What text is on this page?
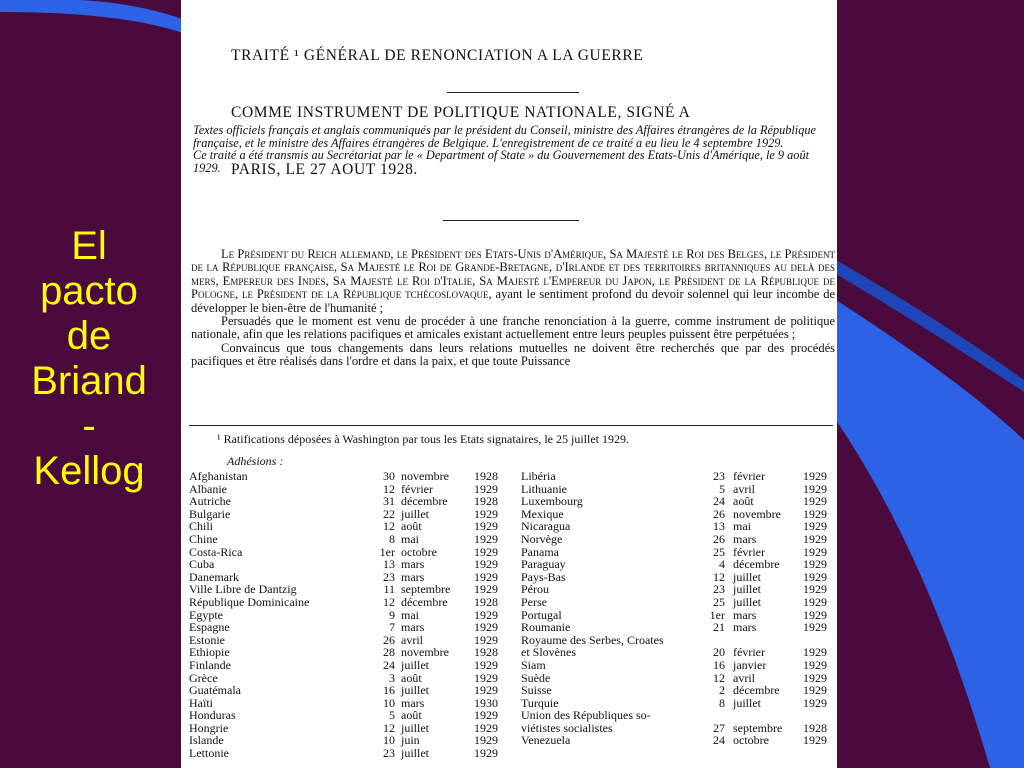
El
pacto
de
Briand
-
Kellog

TRAITÉ ¹ GÉNÉRAL DE RENONCIATION A LA GUERRE

COMME INSTRUMENT DE POLITIQUE NATIONALE, SIGNÉ A

PARIS, LE 27 AOUT 1928.

Textes officiels français et anglais communiqués par le président du Conseil, ministre des Affaires étrangères de la République française, et le ministre des Affaires étrangères de Belgique. L'enregistrement de ce traité a eu lieu le 4 septembre 1929.

Ce traité a été transmis au Secrétariat par le « Department of State » du Gouvernement des Etats-Unis d'Amérique, le 9 août 1929.

Le Président du Reich allemand, le Président des Etats-Unis d'Amérique, Sa Majesté le Roi des Belges, le Président de la République française, Sa Majesté le Roi de Grande-Bretagne, d'Irlande et des territoires britanniques au delà des mers, Empereur des Indes, Sa Majesté le Roi d'Italie, Sa Majesté l'Empereur du Japon, le Président de la République de Pologne, le Président de la République tchécoslovaque, ayant le sentiment profond du devoir solennel qui leur incombe de développer le bien-être de l'humanité ;

Persuadés que le moment est venu de procéder à une franche renonciation à la guerre, comme instrument de politique nationale, afin que les relations pacifiques et amicales existant actuellement entre leurs peuples puissent être perpétuées ;

Convaincus que tous changements dans leurs relations mutuelles ne doivent être recherchés que par des procédés pacifiques et être réalisés dans l'ordre et dans la paix, et que toute Puissance

¹ Ratifications déposées à Washington par tous les Etats signataires, le 25 juillet 1929.
Adhésions :
Afghanistan	30 novembre 1928
Albanie	12 février	1929
Autriche	31 décembre 1928
Bulgarie	22 juillet	1929
Chili	12 août	1929
Chine	8 mai	1929
Costa-Rica	1er octobre	1929
Cuba	13 mars	1929
Danemark	23 mars	1929
Ville Libre de Dantzig	11 septembre 1929
République Dominicaine	12 décembre 1928
Egypte	9 mai	1929
Espagne	7 mars	1929
Estonie	26 avril	1929
Ethiopie	28 novembre 1928
Finlande	24 juillet	1929
Grèce	3 août	1929
Guatémala	16 juillet	1929
Haïti	10 mars	1930
Honduras	5 août	1929
Hongrie	12 juillet	1929
Islande	10 juin	1929
Lettonie	23 juillet	1929
Libéria	23 février	1929
Lithuanie	5 avril	1929
Luxembourg	24 août	1929
Mexique	26 novembre 1929
Nicaragua	13 mai	1929
Norvège	26 mars	1929
Panama	25 février	1929
Paraguay	4 décembre 1929
Pays-Bas	12 juillet	1929
Pérou	23 juillet	1929
Perse	25 juillet	1929
Portugal	1er mars	1929
Roumanie	21 mars	1929
Royaume des Serbes, Croates
et Slovènes	20 février	1929
Siam	16 janvier	1929
Suède	12 avril	1929
Suisse	2 décembre 1929
Turquie	8 juillet	1929
Union des Républiques so-
viétistes socialistes	27 septembre 1928
Venezuela	24 octobre	1929
